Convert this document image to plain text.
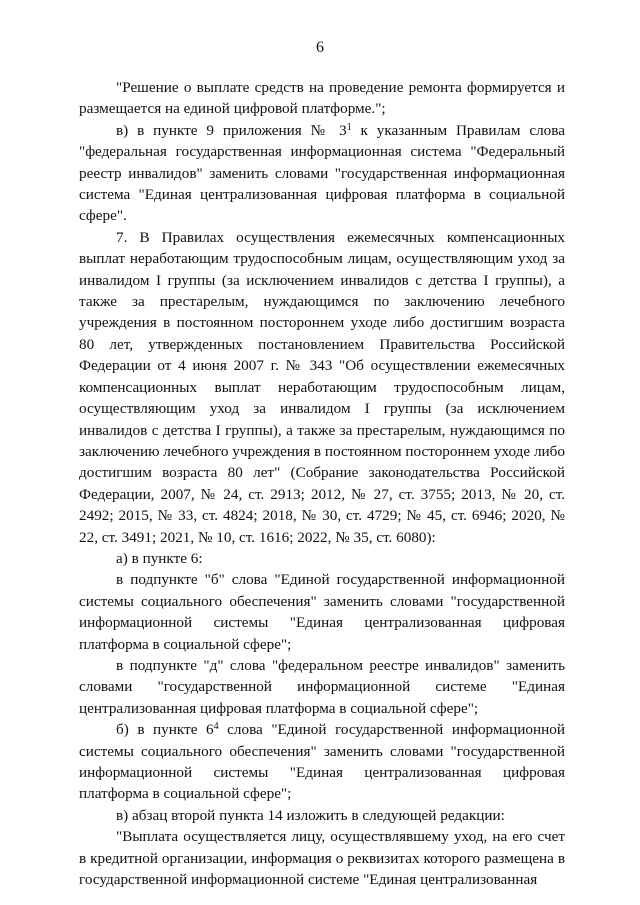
6

"Решение о выплате средств на проведение ремонта формируется и размещается на единой цифровой платформе.";

в) в пункте 9 приложения № $3^1$ к указанным Правилам слова "федеральная государственная информационная система "Федеральный реестр инвалидов" заменить словами "государственная информационная система "Единая централизованная цифровая платформа в социальной сфере".

7. В Правилах осуществления ежемесячных компенсационных выплат неработающим трудоспособным лицам, осуществляющим уход за инвалидом I группы (за исключением инвалидов с детства I группы), а также за престарелым, нуждающимся по заключению лечебного учреждения в постоянном постороннем уходе либо достигшим возраста 80 лет, утвержденных постановлением Правительства Российской Федерации от 4 июня 2007 г. № 343 "Об осуществлении ежемесячных компенсационных выплат неработающим трудоспособным лицам, осуществляющим уход за инвалидом I группы (за исключением инвалидов с детства I группы), а также за престарелым, нуждающимся по заключению лечебного учреждения в постоянном постороннем уходе либо достигшим возраста 80 лет" (Собрание законодательства Российской Федерации, 2007, № 24, ст. 2913; 2012, № 27, ст. 3755; 2013, № 20, ст. 2492; 2015, № 33, ст. 4824; 2018, № 30, ст. 4729; № 45, ст. 6946; 2020, № 22, ст. 3491; 2021, № 10, ст. 1616; 2022, № 35, ст. 6080):

а) в пункте 6:

в подпункте "б" слова "Единой государственной информационной системы социального обеспечения" заменить словами "государственной информационной системы "Единая централизованная цифровая платформа в социальной сфере";

в подпункте "д" слова "федеральном реестре инвалидов" заменить словами "государственной информационной системе "Единая централизованная цифровая платформа в социальной сфере";

б) в пункте $6^4$ слова "Единой государственной информационной системы социального обеспечения" заменить словами "государственной информационной системы "Единая централизованная цифровая платформа в социальной сфере";

в) абзац второй пункта 14 изложить в следующей редакции:

"Выплата осуществляется лицу, осуществлявшему уход, на его счет в кредитной организации, информация о реквизитах которого размещена в государственной информационной системе "Единая централизованная
